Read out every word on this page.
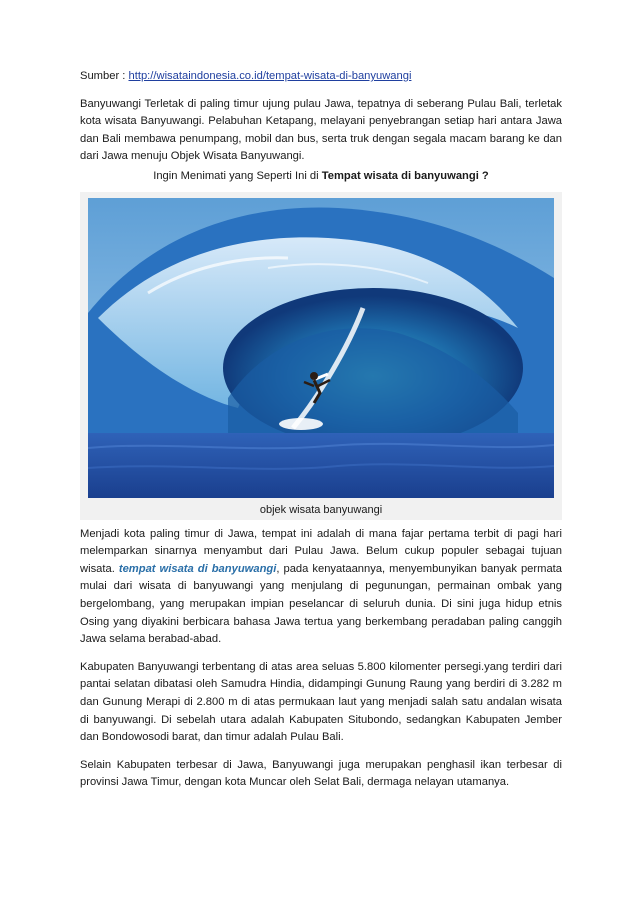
Sumber : http://wisataindonesia.co.id/tempat-wisata-di-banyuwangi

Banyuwangi Terletak di paling timur ujung pulau Jawa, tepatnya di seberang Pulau Bali, terletak kota wisata Banyuwangi. Pelabuhan Ketapang, melayani penyebrangan setiap hari antara Jawa dan Bali membawa penumpang, mobil dan bus, serta truk dengan segala macam barang ke dan dari Jawa menuju Objek Wisata Banyuwangi.

Ingin Menimati yang Seperti Ini di Tempat wisata di banyuwangi ?

objek wisata banyuwangi

Menjadi kota paling timur di Jawa, tempat ini adalah di mana fajar pertama terbit di pagi hari melemparkan sinarnya menyambut dari Pulau Jawa. Belum cukup populer sebagai tujuan wisata. tempat wisata di banyuwangi, pada kenyataannya, menyembunyikan banyak permata mulai dari wisata di banyuwangi yang menjulang di pegunungan, permainan ombak yang bergelombang, yang merupakan impian peselancar di seluruh dunia. Di sini juga hidup etnis Osing yang diyakini berbicara bahasa Jawa tertua yang berkembang peradaban paling canggih Jawa selama berabad-abad.

Kabupaten Banyuwangi terbentang di atas area seluas 5.800 kilomenter persegi.yang terdiri dari pantai selatan dibatasi oleh Samudra Hindia, didampingi Gunung Raung yang berdiri di 3.282 m dan Gunung Merapi di 2.800 m di atas permukaan laut yang menjadi salah satu andalan wisata di banyuwangi. Di sebelah utara adalah Kabupaten Situbondo, sedangkan Kabupaten Jember dan Bondowosodi barat, dan timur adalah Pulau Bali.

Selain Kabupaten terbesar di Jawa, Banyuwangi juga merupakan penghasil ikan terbesar di provinsi Jawa Timur, dengan kota Muncar oleh Selat Bali, dermaga nelayan utamanya.
